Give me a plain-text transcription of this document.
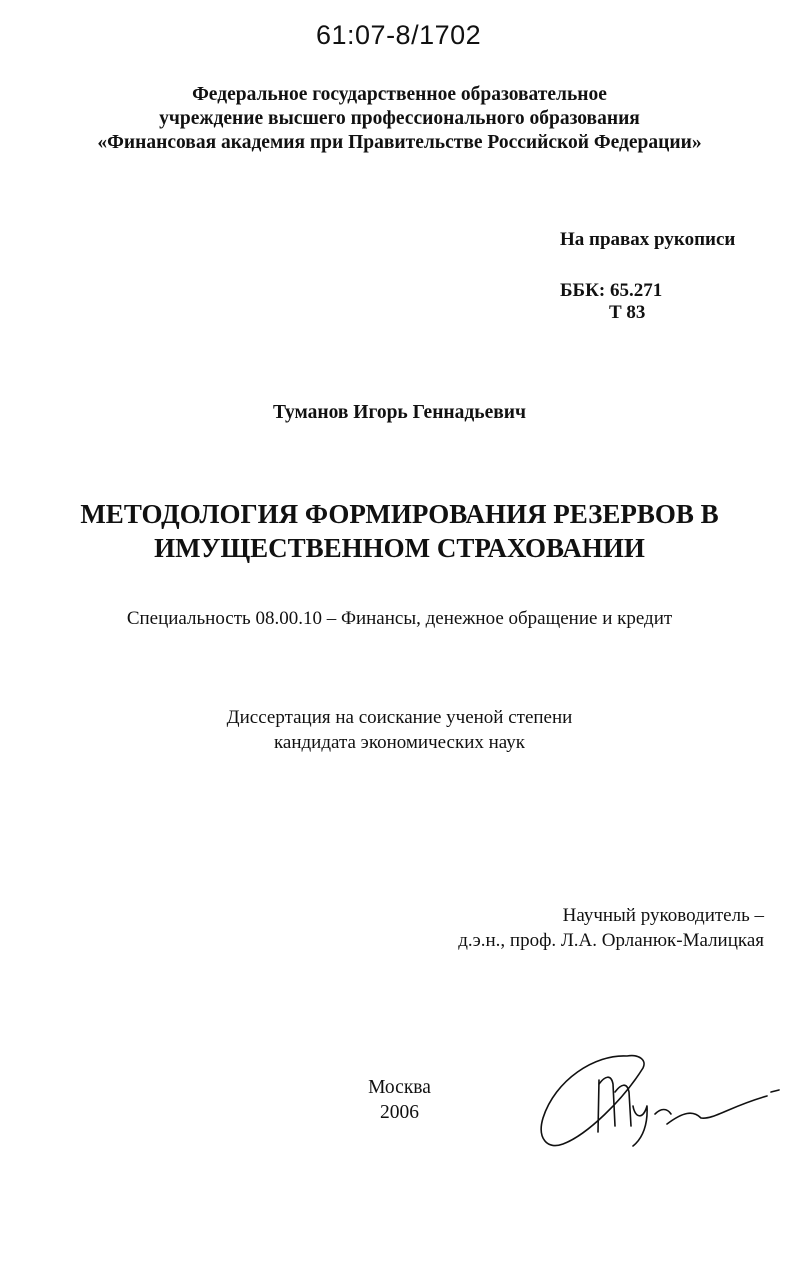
61:07-8/1702
Федеральное государственное образовательное
учреждение высшего профессионального образования
«Финансовая академия при Правительстве Российской Федерации»
На правах рукописи
ББК: 65.271
Т 83
Туманов Игорь Геннадьевич
МЕТОДОЛОГИЯ ФОРМИРОВАНИЯ РЕЗЕРВОВ В
ИМУЩЕСТВЕННОМ СТРАХОВАНИИ
Специальность 08.00.10 – Финансы, денежное обращение и кредит
Диссертация на соискание ученой степени
кандидата экономических наук
Научный руководитель –
д.э.н., проф. Л.А. Орланюк-Малицкая
Москва
2006
